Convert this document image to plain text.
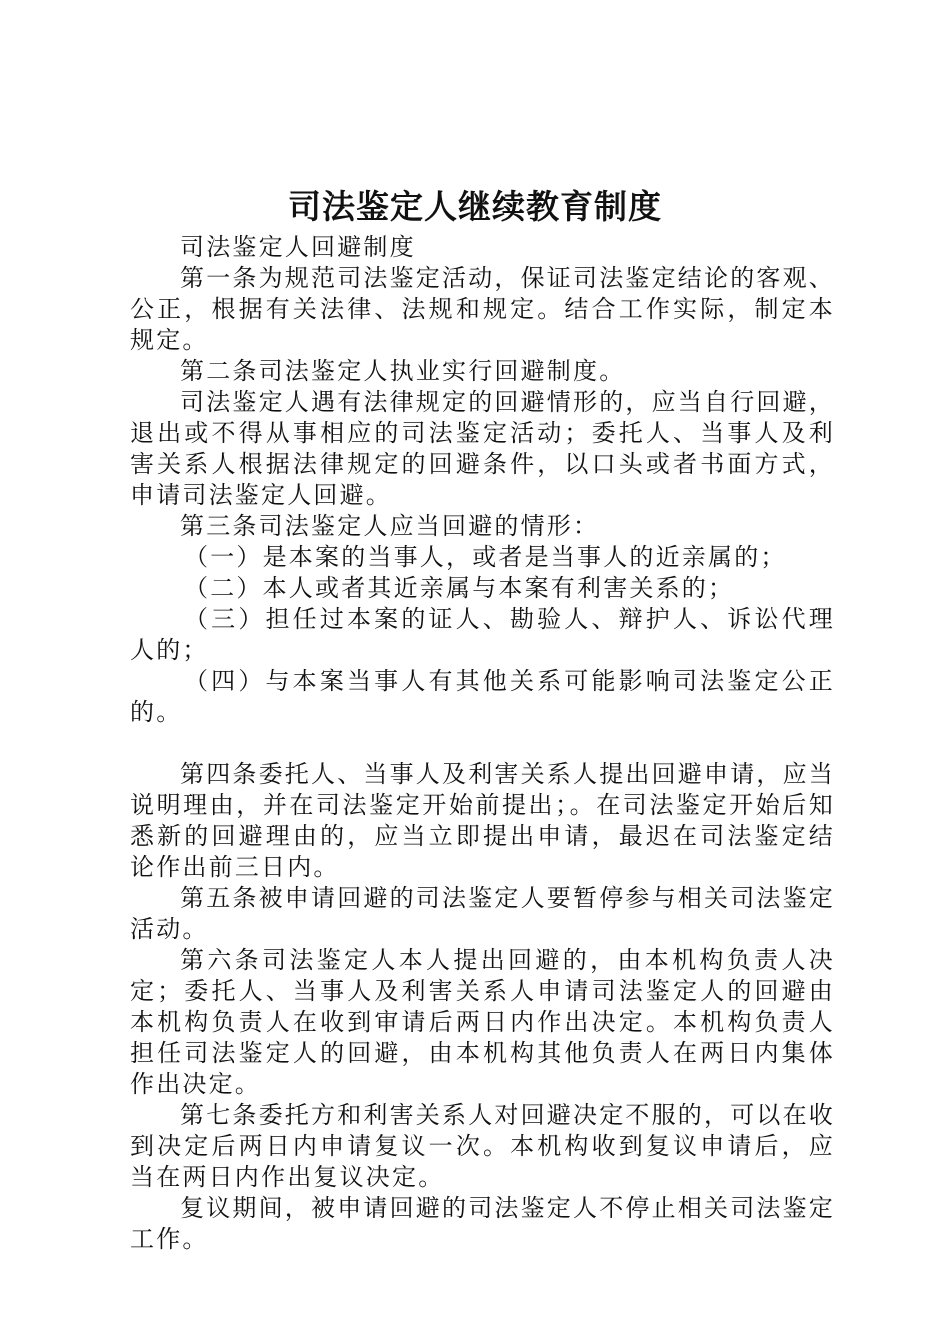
司法鉴定人继续教育制度

司法鉴定人回避制度

第一条为规范司法鉴定活动，保证司法鉴定结论的客观、公正，根据有关法律、法规和规定。结合工作实际，制定本规定。

第二条司法鉴定人执业实行回避制度。

司法鉴定人遇有法律规定的回避情形的，应当自行回避，退出或不得从事相应的司法鉴定活动；委托人、当事人及利害关系人根据法律规定的回避条件，以口头或者书面方式，申请司法鉴定人回避。

第三条司法鉴定人应当回避的情形：

（一）是本案的当事人，或者是当事人的近亲属的；

（二）本人或者其近亲属与本案有利害关系的；

（三）担任过本案的证人、勘验人、辩护人、诉讼代理人的；

（四）与本案当事人有其他关系可能影响司法鉴定公正的。

第四条委托人、当事人及利害关系人提出回避申请，应当说明理由，并在司法鉴定开始前提出；。在司法鉴定开始后知悉新的回避理由的，应当立即提出申请，最迟在司法鉴定结论作出前三日内。

第五条被申请回避的司法鉴定人要暂停参与相关司法鉴定活动。

第六条司法鉴定人本人提出回避的，由本机构负责人决定；委托人、当事人及利害关系人申请司法鉴定人的回避由本机构负责人在收到审请后两日内作出决定。本机构负责人担任司法鉴定人的回避，由本机构其他负责人在两日内集体作出决定。

第七条委托方和利害关系人对回避决定不服的，可以在收到决定后两日内申请复议一次。本机构收到复议申请后，应当在两日内作出复议决定。

复议期间，被申请回避的司法鉴定人不停止相关司法鉴定工作。
